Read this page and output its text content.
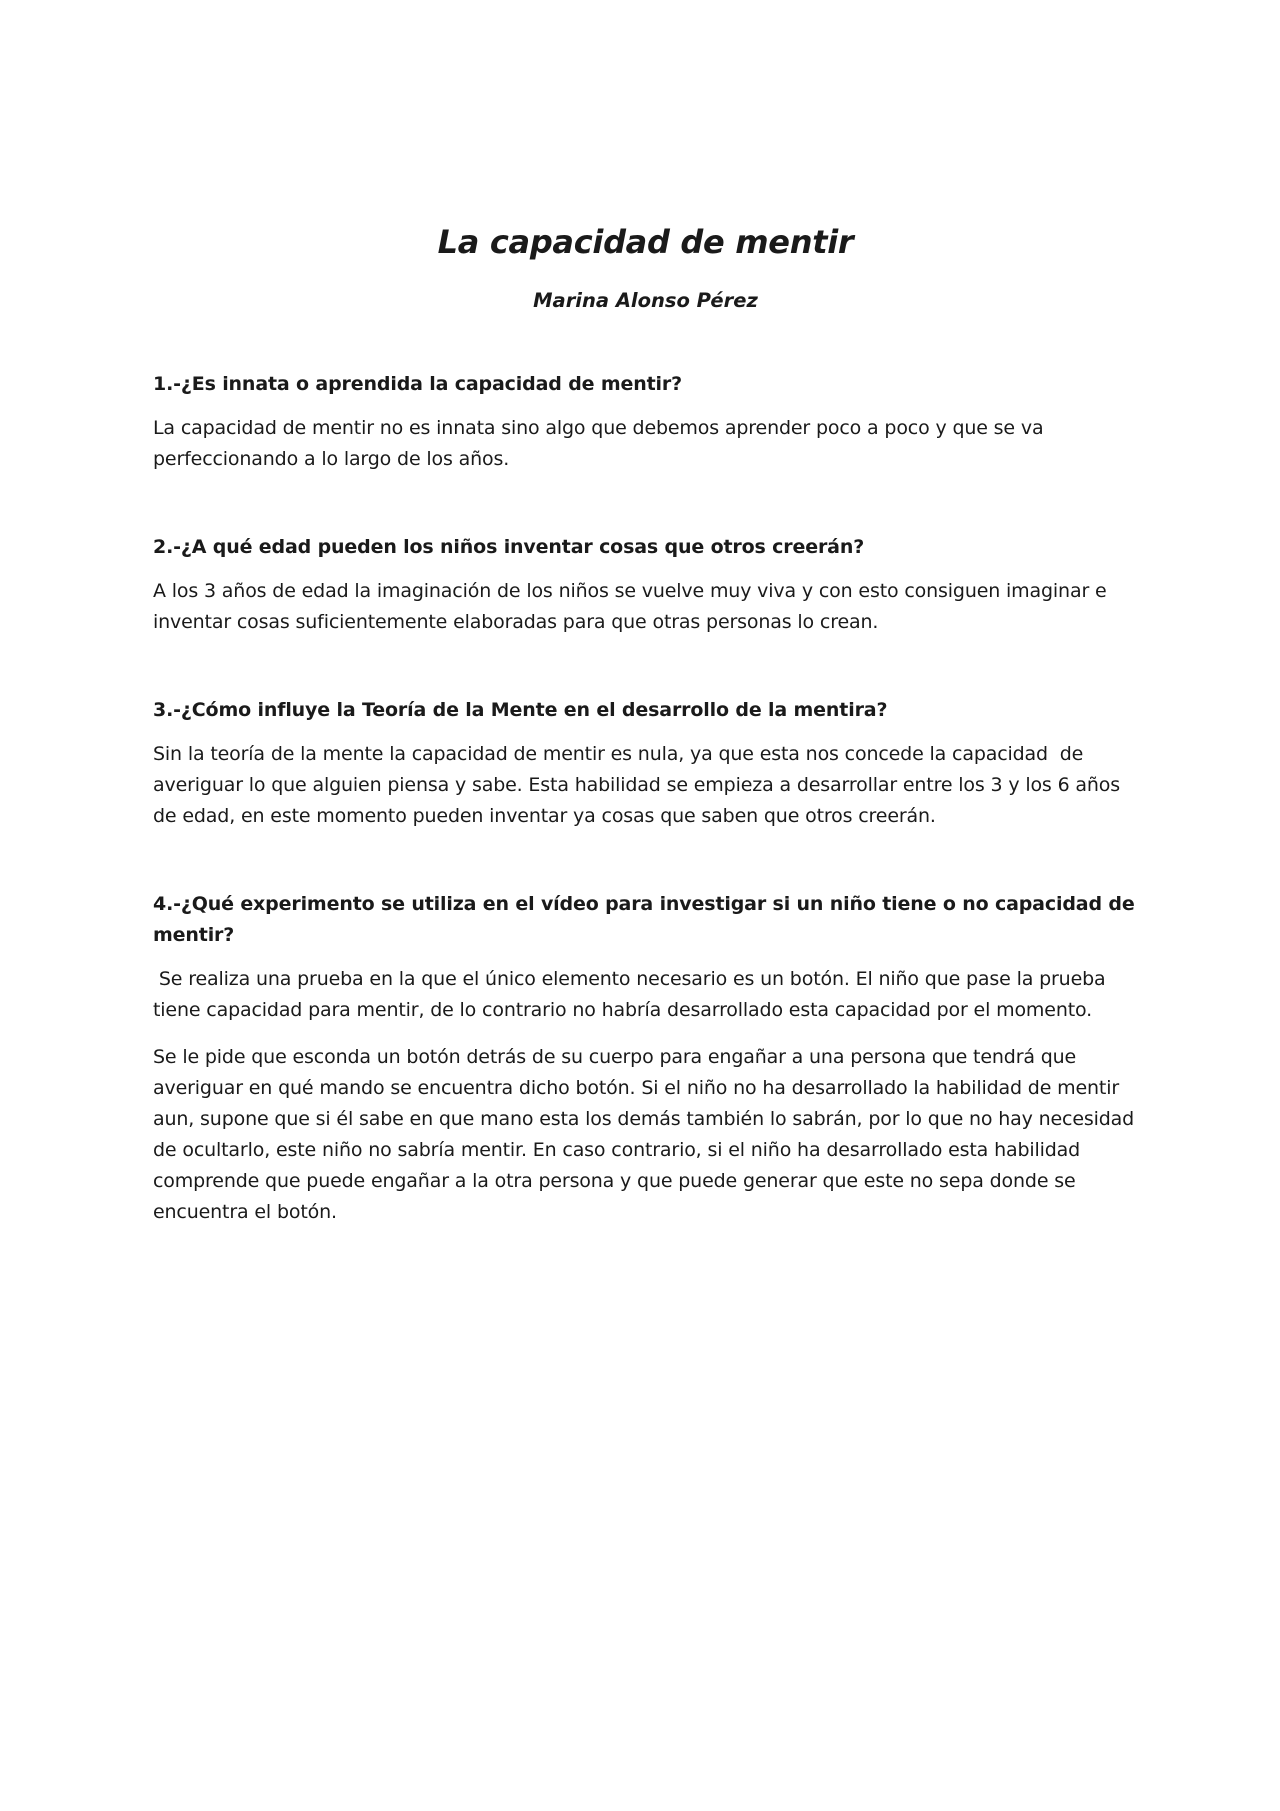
La capacidad de mentir

Marina Alonso Pérez

1.-¿Es innata o aprendida la capacidad de mentir?

La capacidad de mentir no es innata sino algo que debemos aprender poco a poco y que se va perfeccionando a lo largo de los años.

2.-¿A qué edad pueden los niños inventar cosas que otros creerán?

A los 3 años de edad la imaginación de los niños se vuelve muy viva y con esto consiguen imaginar e inventar cosas suficientemente elaboradas para que otras personas lo crean.

3.-¿Cómo influye la Teoría de la Mente en el desarrollo de la mentira?

Sin la teoría de la mente la capacidad de mentir es nula, ya que esta nos concede la capacidad  de averiguar lo que alguien piensa y sabe. Esta habilidad se empieza a desarrollar entre los 3 y los 6 años de edad, en este momento pueden inventar ya cosas que saben que otros creerán.

4.-¿Qué experimento se utiliza en el vídeo para investigar si un niño tiene o no capacidad de mentir?

Se realiza una prueba en la que el único elemento necesario es un botón. El niño que pase la prueba tiene capacidad para mentir, de lo contrario no habría desarrollado esta capacidad por el momento.

Se le pide que esconda un botón detrás de su cuerpo para engañar a una persona que tendrá que averiguar en qué mando se encuentra dicho botón. Si el niño no ha desarrollado la habilidad de mentir aun, supone que si él sabe en que mano esta los demás también lo sabrán, por lo que no hay necesidad de ocultarlo, este niño no sabría mentir. En caso contrario, si el niño ha desarrollado esta habilidad comprende que puede engañar a la otra persona y que puede generar que este no sepa donde se encuentra el botón.
